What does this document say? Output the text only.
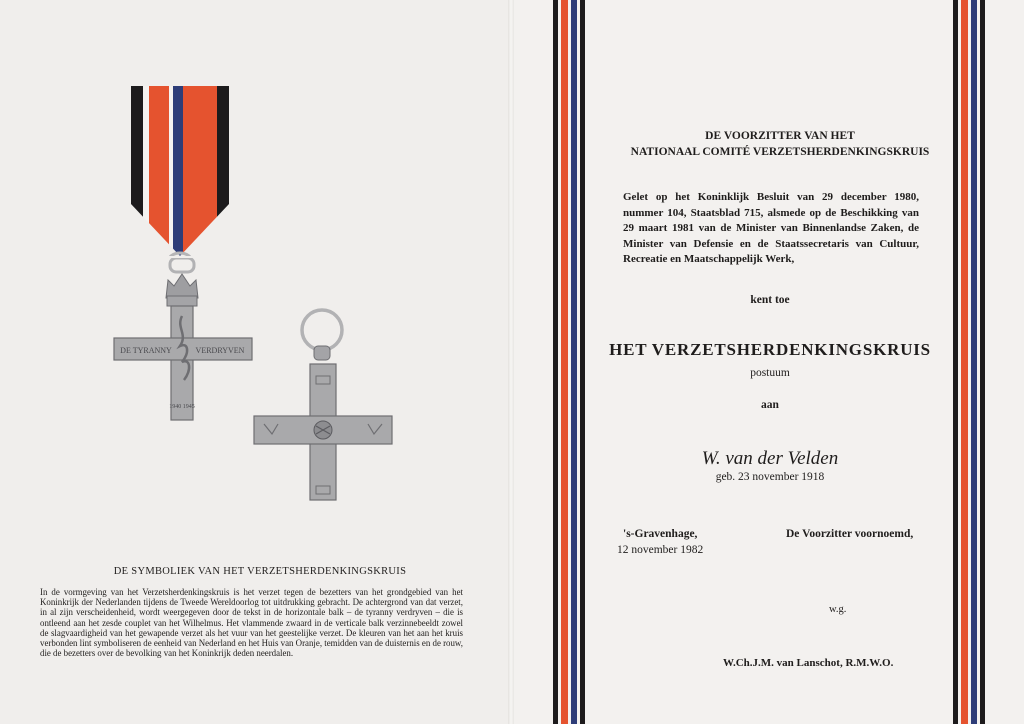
DE TYRANNY	VERDRYVEN
1940 1945
DE SYMBOLIEK VAN HET VERZETSHERDENKINGSKRUIS
In de vormgeving van het Verzetsherdenkingskruis is het verzet tegen de bezetters van het grondgebied van het Koninkrijk der Nederlanden tijdens de Tweede Wereldoorlog tot uitdrukking gebracht. De achtergrond van dat verzet, in al zijn verscheidenheid, wordt weergegeven door de tekst in de horizontale balk – de tyranny verdryven – die is ontleend aan het zesde couplet van het Wilhelmus. Het vlammende zwaard in de verticale balk verzinnebeeldt zowel de slagvaardigheid van het gewapende verzet als het vuur van het geestelijke verzet. De kleuren van het aan het kruis verbonden lint symboliseren de eenheid van Nederland en het Huis van Oranje, temidden van de duisternis en de rouw, die de bezetters over de bevolking van het Koninkrijk deden neerdalen.
DE VOORZITTER VAN HET
NATIONAAL COMITÉ VERZETSHERDENKINGSKRUIS
Gelet op het Koninklijk Besluit van 29 december 1980, nummer 104, Staatsblad 715, alsmede op de Beschikking van 29 maart 1981 van de Minister van Binnenlandse Zaken, de Minister van Defensie en de Staatssecretaris van Cultuur, Recreatie en Maatschappelijk Werk,
kent toe
HET VERZETSHERDENKINGSKRUIS
postuum
aan
W. van der Velden
geb. 23 november 1918
's-Gravenhage,
12 november 1982
De Voorzitter voornoemd,
w.g.
W.Ch.J.M. van Lanschot, R.M.W.O.
